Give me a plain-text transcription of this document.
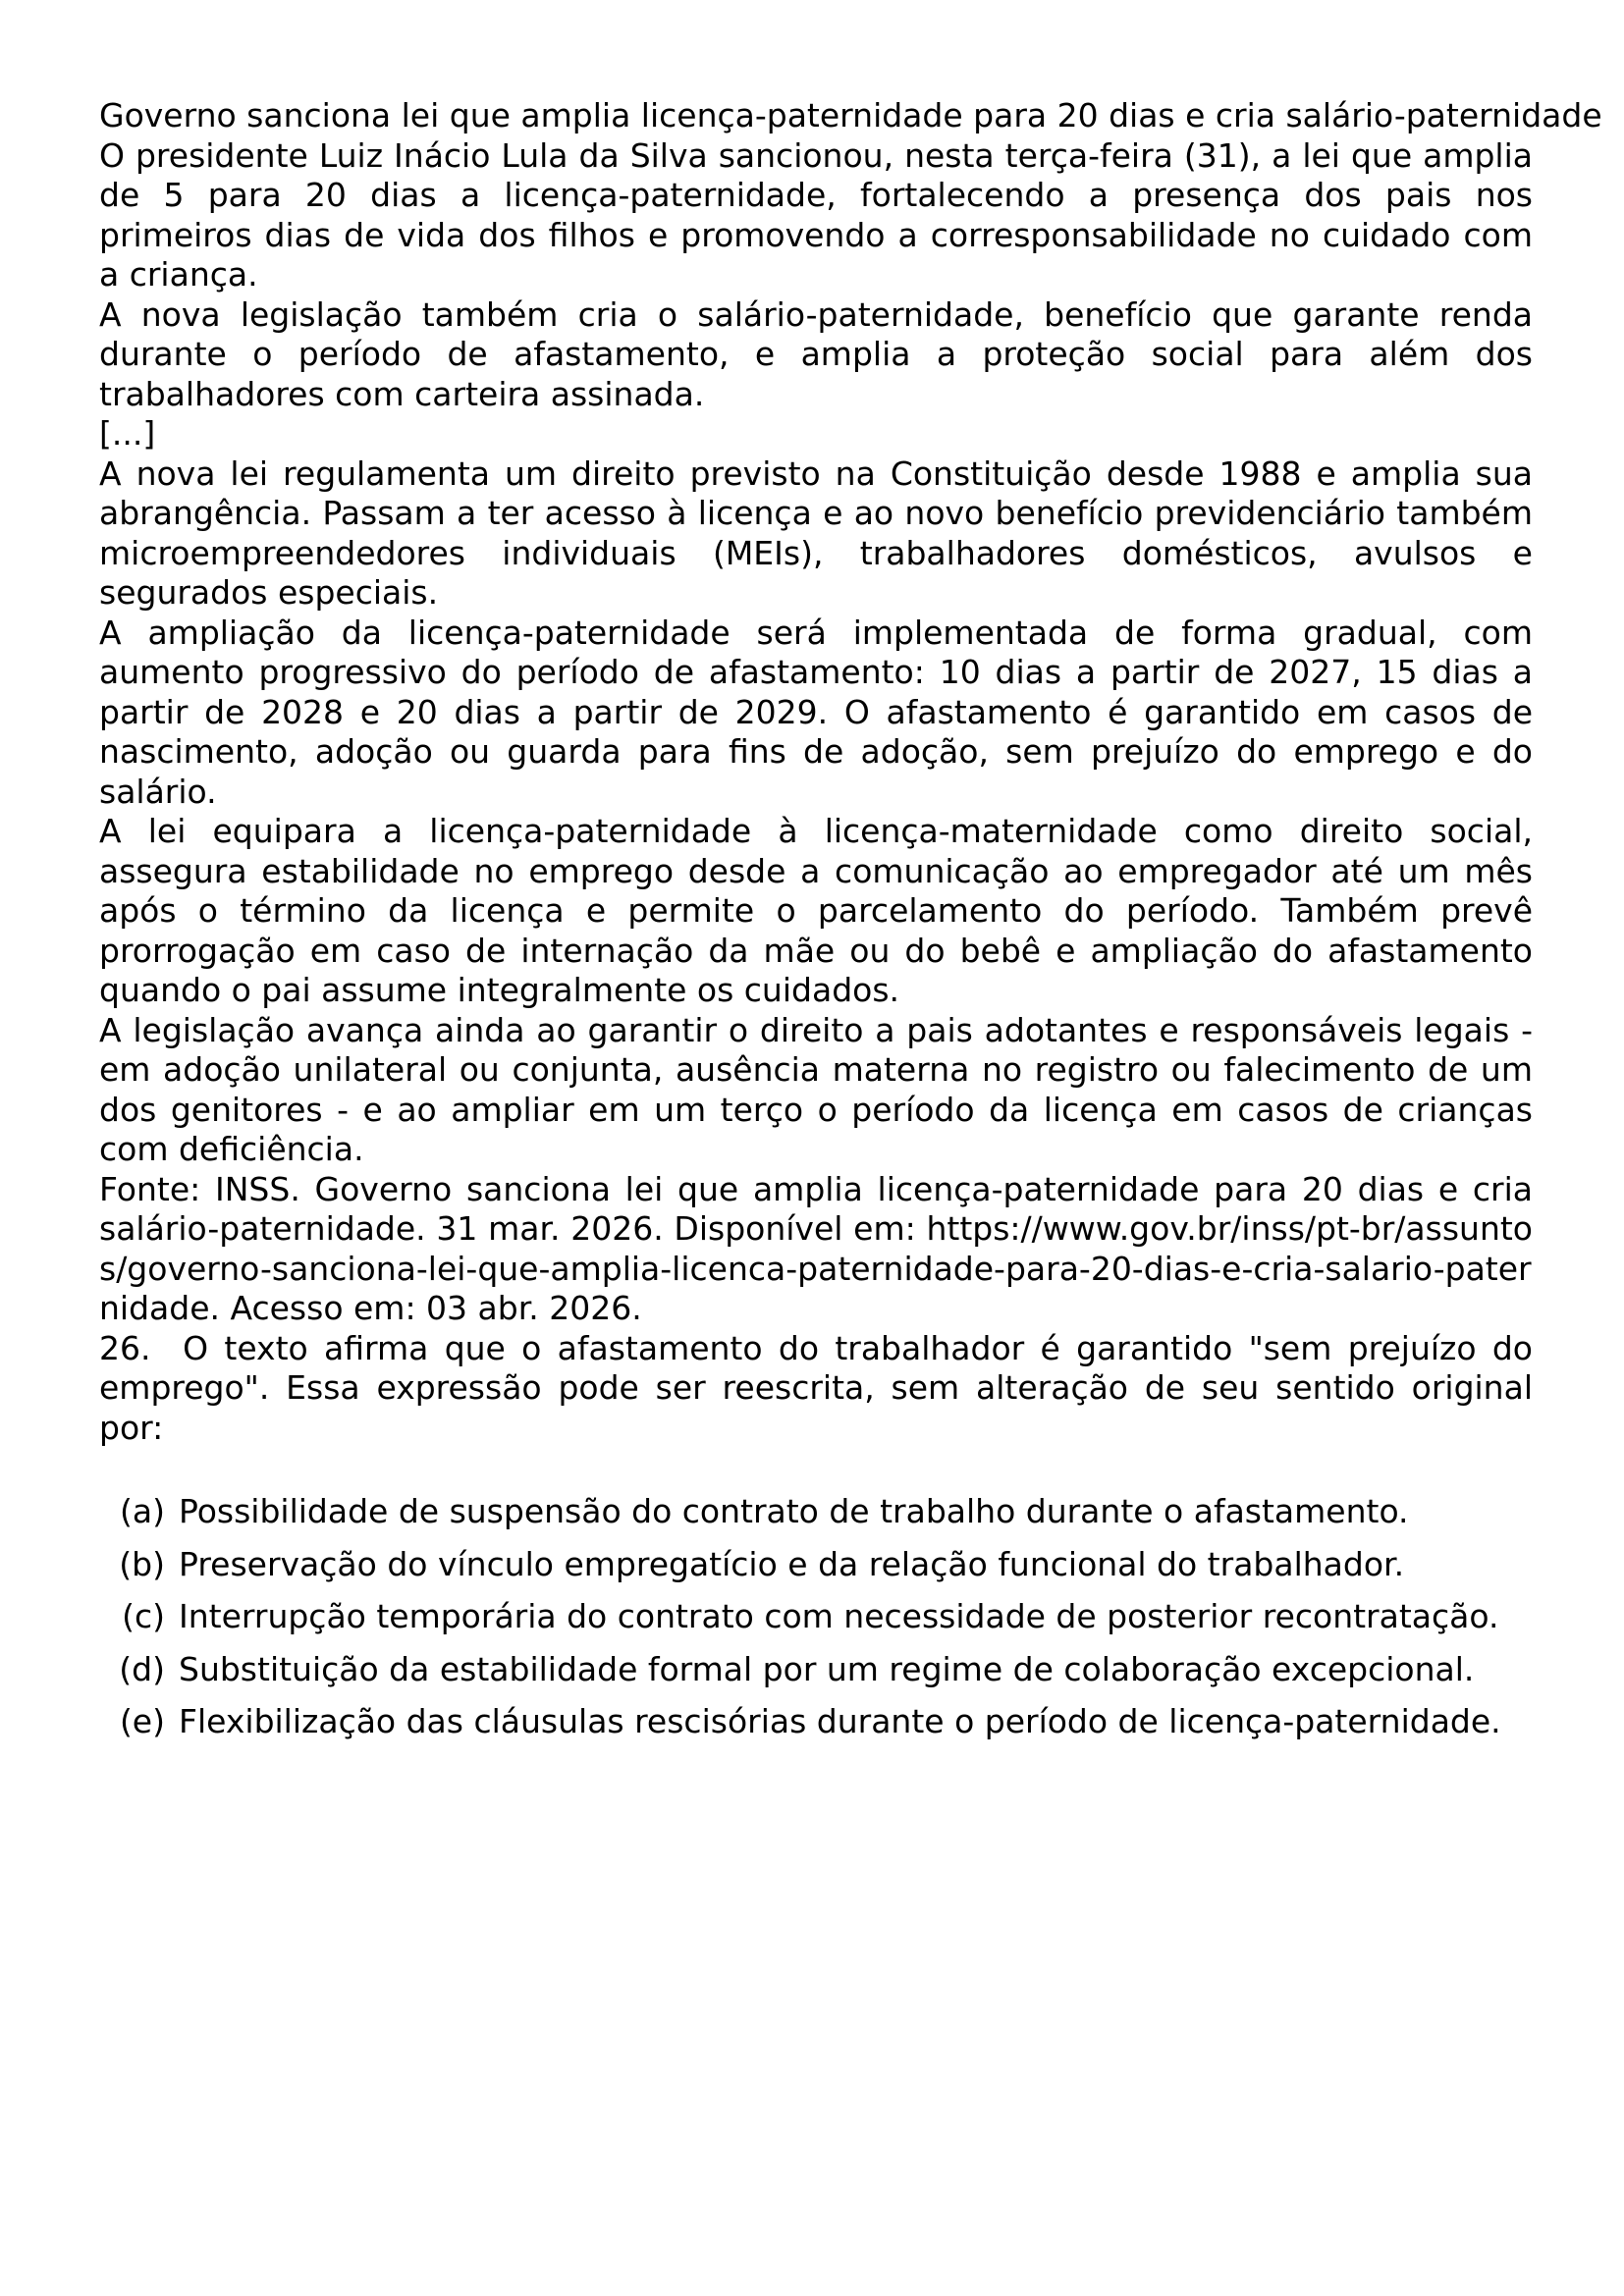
Governo sanciona lei que amplia licença-paternidade para 20 dias e cria salário-paternidade

O presidente Luiz Inácio Lula da Silva sancionou, nesta terça-feira (31), a lei que amplia de 5 para 20 dias a licença-paternidade, fortalecendo a presença dos pais nos primeiros dias de vida dos filhos e promovendo a corresponsabilidade no cuidado com a criança.

A nova legislação também cria o salário-paternidade, benefício que garante renda durante o período de afastamento, e amplia a proteção social para além dos trabalhadores com carteira assinada.

[...]

A nova lei regulamenta um direito previsto na Constituição desde 1988 e amplia sua abrangência. Passam a ter acesso à licença e ao novo benefício previdenciário também microempreendedores individuais (MEIs), trabalhadores domésticos, avulsos e segurados especiais.

A ampliação da licença-paternidade será implementada de forma gradual, com aumento progressivo do período de afastamento: 10 dias a partir de 2027, 15 dias a partir de 2028 e 20 dias a partir de 2029. O afastamento é garantido em casos de nascimento, adoção ou guarda para fins de adoção, sem prejuízo do emprego e do salário.

A lei equipara a licença-paternidade à licença-maternidade como direito social, assegura estabilidade no emprego desde a comunicação ao empregador até um mês após o término da licença e permite o parcelamento do período. Também prevê prorrogação em caso de internação da mãe ou do bebê e ampliação do afastamento quando o pai assume integralmente os cuidados.

A legislação avança ainda ao garantir o direito a pais adotantes e responsáveis legais - em adoção unilateral ou conjunta, ausência materna no registro ou falecimento de um dos genitores - e ao ampliar em um terço o período da licença em casos de crianças com deficiência.

Fonte: INSS. Governo sanciona lei que amplia licença-paternidade para 20 dias e cria salário-paternidade. 31 mar. 2026. Disponível em: https://www.gov.br/inss/pt-br/assuntos/governo-sanciona-lei-que-amplia-licenca-paternidade-para-20-dias-e-cria-salario-paternidade. Acesso em: 03 abr. 2026.

26. O texto afirma que o afastamento do trabalhador é garantido "sem prejuízo do emprego". Essa expressão pode ser reescrita, sem alteração de seu sentido original por:

(a) Possibilidade de suspensão do contrato de trabalho durante o afastamento.
(b) Preservação do vínculo empregatício e da relação funcional do trabalhador.
(c) Interrupção temporária do contrato com necessidade de posterior recontratação.
(d) Substituição da estabilidade formal por um regime de colaboração excepcional.
(e) Flexibilização das cláusulas rescisórias durante o período de licença-paternidade.
